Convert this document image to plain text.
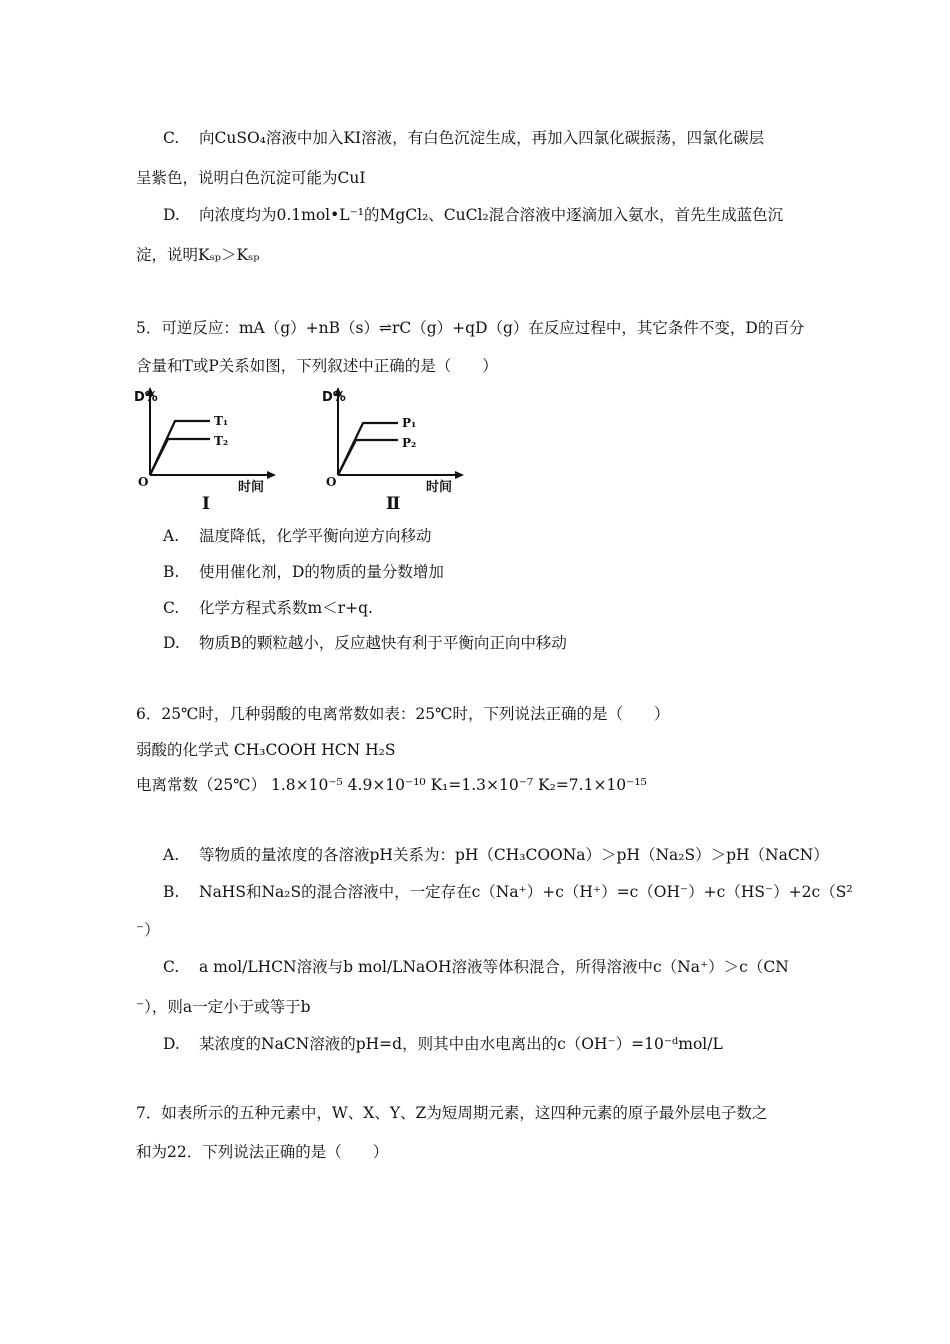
C. 向CuSO₄溶液中加入KI溶液，有白色沉淀生成，再加入四氯化碳振荡，四氯化碳层
呈紫色，说明白色沉淀可能为CuI
D. 向浓度均为0.1mol•L⁻¹的MgCl₂、CuCl₂混合溶液中逐滴加入氨水，首先生成蓝色沉
淀，说明Kₛₚ＞Kₛₚ
5．可逆反应：mA（g）+nB（s）⇌rC（g）+qD（g）在反应过程中，其它条件不变，D的百分
含量和T或P关系如图，下列叙述中正确的是（　　）
D%
O
T₁
T₂
时间
Ⅰ
D%
O
P₁
P₂
时间
Ⅱ
A. 温度降低，化学平衡向逆方向移动
B. 使用催化剂，D的物质的量分数增加
C. 化学方程式系数m＜r+q.
D. 物质B的颗粒越小，反应越快有利于平衡向正向中移动
6．25℃时，几种弱酸的电离常数如表：25℃时，下列说法正确的是（　　）
弱酸的化学式 CH₃COOH HCN H₂S
电离常数（25℃） 1.8×10⁻⁵ 4.9×10⁻¹⁰ K₁=1.3×10⁻⁷ K₂=7.1×10⁻¹⁵
A. 等物质的量浓度的各溶液pH关系为：pH（CH₃COONa）＞pH（Na₂S）＞pH（NaCN）
B. NaHS和Na₂S的混合溶液中，一定存在c（Na⁺）+c（H⁺）=c（OH⁻）+c（HS⁻）+2c（S²
⁻）
C. a mol/LHCN溶液与b mol/LNaOH溶液等体积混合，所得溶液中c（Na⁺）＞c（CN
⁻），则a一定小于或等于b
D. 某浓度的NaCN溶液的pH=d，则其中由水电离出的c（OH⁻）=10⁻ᵈmol/L
7．如表所示的五种元素中，W、X、Y、Z为短周期元素，这四种元素的原子最外层电子数之
和为22．下列说法正确的是（　　）
